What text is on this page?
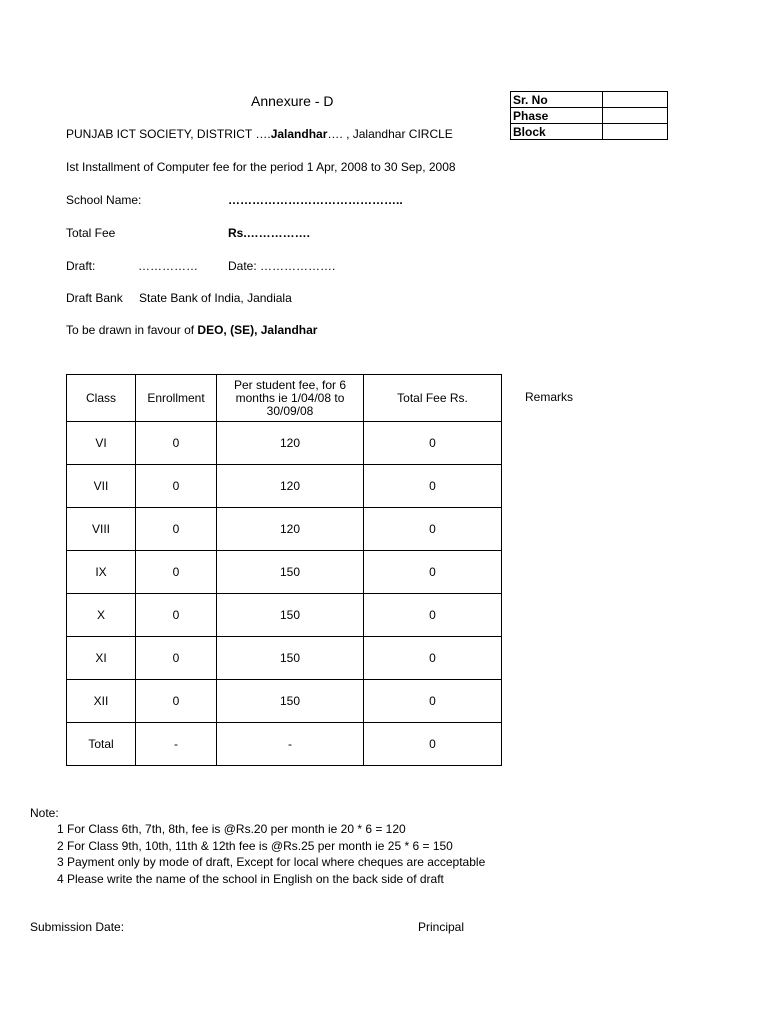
Annexure - D	Sr. No	
Phase	
Block	
PUNJAB ICT SOCIETY, DISTRICT ….Jalandhar…. , Jalandhar CIRCLE
Ist Installment of Computer fee for the period 1 Apr, 2008 to 30 Sep, 2008
School Name:	……………………………………..
Total Fee	Rs.…………….
Draft:	……………	Date: ……………….
Draft Bank State Bank of India, Jandiala
To be drawn in favour of DEO, (SE), Jalandhar
Class	Enrollment	Per student fee, for 6 months ie 1/04/08 to 30/09/08	Total Fee Rs.
VI	0	120	0
VII	0	120	0
VIII	0	120	0
IX	0	150	0
X	0	150	0
XI	0	150	0
XII	0	150	0
Total	-	-	0
Remarks
Note:
1 For Class 6th, 7th, 8th, fee is @Rs.20 per month ie 20 * 6 = 120
2 For Class 9th, 10th, 11th & 12th fee is @Rs.25 per month ie 25 * 6 = 150
3 Payment only by mode of draft, Except for local where cheques are acceptable
4 Please write the name of the school in English on the back side of draft
Submission Date:	Principal
